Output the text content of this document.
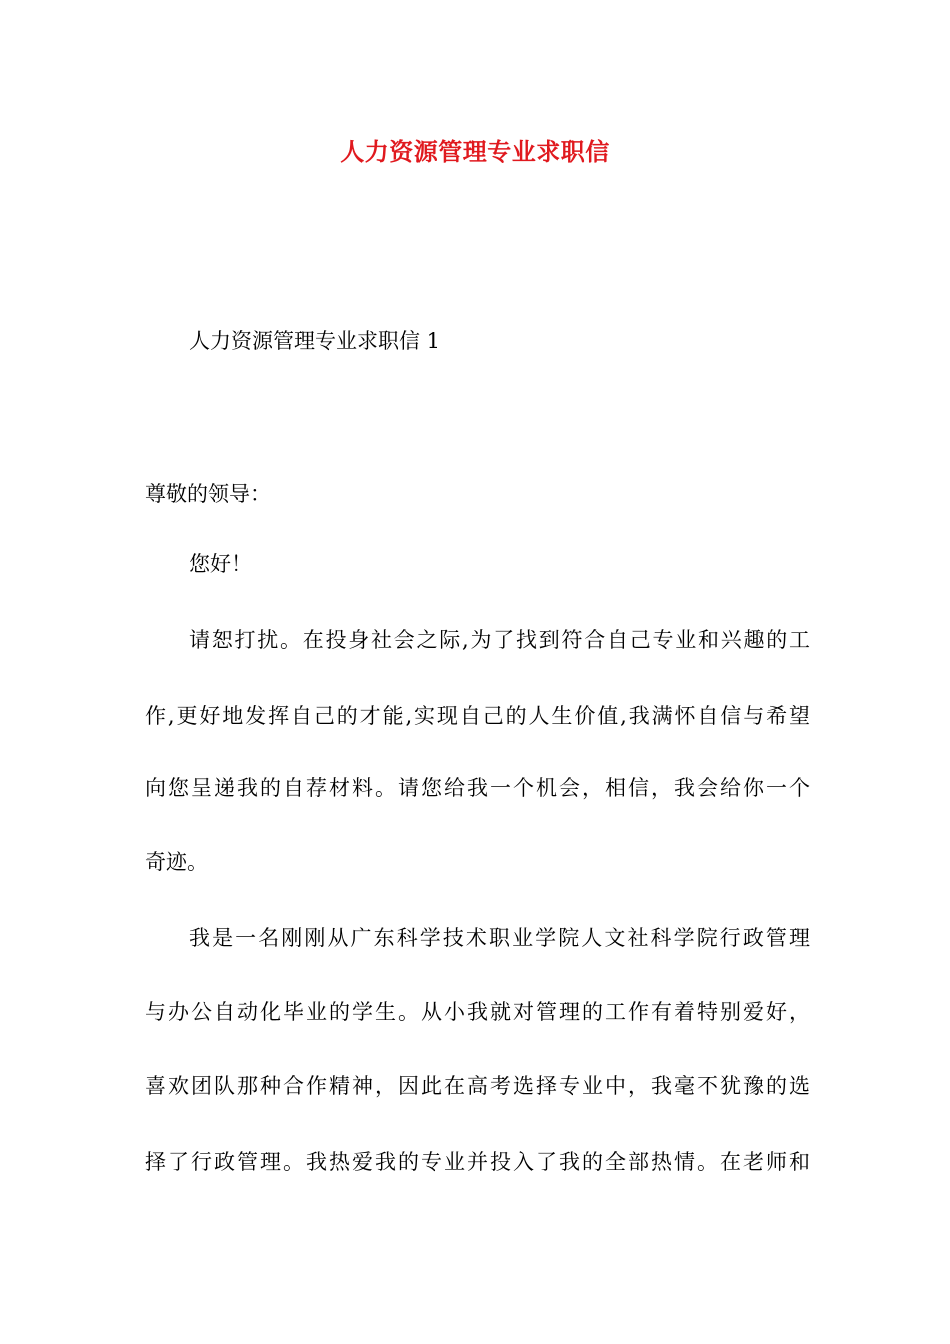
人力资源管理专业求职信
人力资源管理专业求职信 1
尊敬的领导：
您好！
请恕打扰。在投身社会之际,为了找到符合自己专业和兴趣的工
作,更好地发挥自己的才能,实现自己的人生价值,我满怀自信与希望
向您呈递我的自荐材料。请您给我一个机会，相信，我会给你一个
奇迹。
我是一名刚刚从广东科学技术职业学院人文社科学院行政管理
与办公自动化毕业的学生。从小我就对管理的工作有着特别爱好，
喜欢团队那种合作精神，因此在高考选择专业中，我毫不犹豫的选
择了行政管理。我热爱我的专业并投入了我的全部热情。在老师和
